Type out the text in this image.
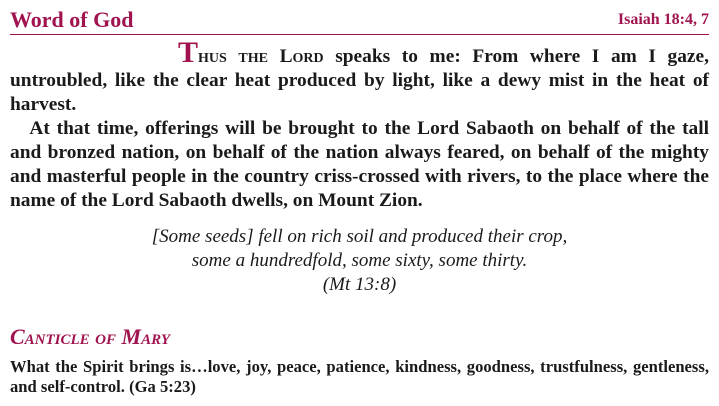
Word of God	Isaiah 18:4, 7

Thus the Lord speaks to me: From where I am I gaze, untroubled, like the clear heat produced by light, like a dewy mist in the heat of harvest.

 At that time, offerings will be brought to the Lord Sabaoth on behalf of the tall and bronzed nation, on behalf of the nation always feared, on behalf of the mighty and masterful people in the country criss-crossed with rivers, to the place where the name of the Lord Sabaoth dwells, on Mount Zion.

[Some seeds] fell on rich soil and produced their crop,
some a hundredfold, some sixty, some thirty.
(Mt 13:8)
Canticle of Mary
What the Spirit brings is…love, joy, peace, patience, kindness, goodness, trustfulness, gentleness, and self-control. (Ga 5:23)
